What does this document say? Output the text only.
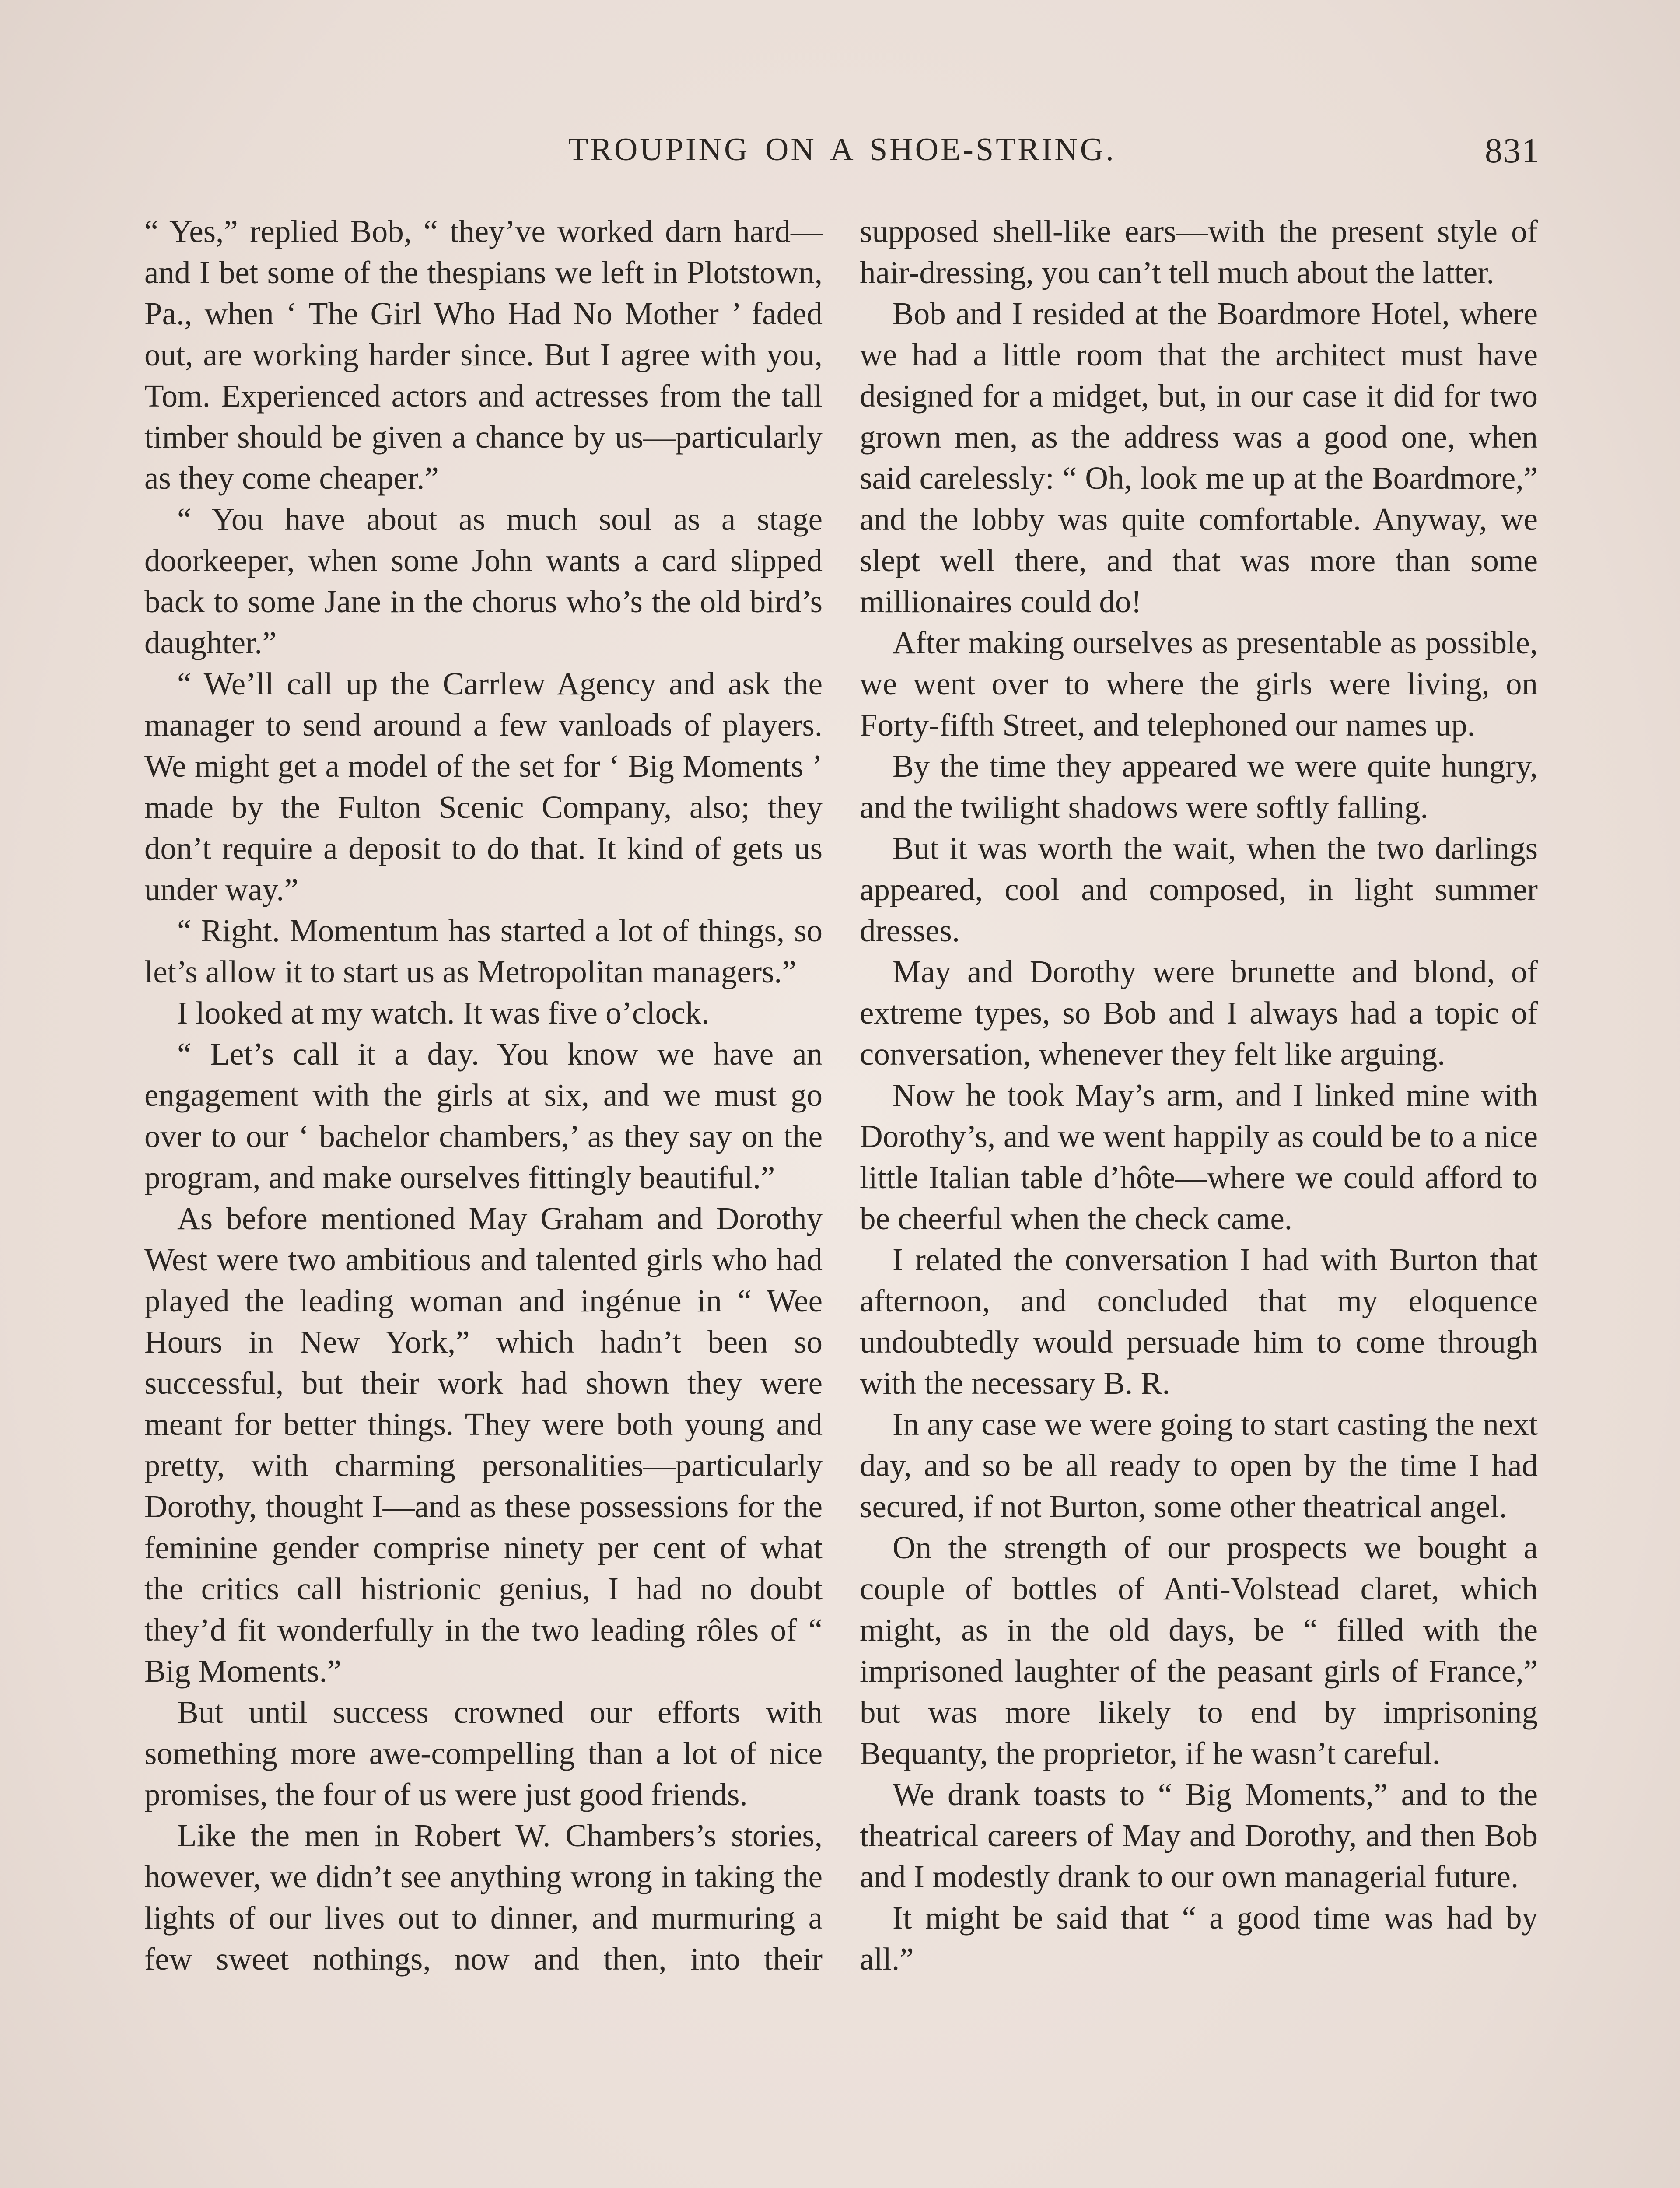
TROUPING ON A SHOE-STRING.	831

“ Yes,” replied Bob, “ they’ve worked darn hard—and I bet some of the thespians we left in Plotstown, Pa., when ‘ The Girl Who Had No Mother ’ faded out, are working harder since. But I agree with you, Tom. Experienced actors and actresses from the tall timber should be given a chance by us—particularly as they come cheaper.”

“ You have about as much soul as a stage doorkeeper, when some John wants a card slipped back to some Jane in the chorus who’s the old bird’s daughter.”

“ We’ll call up the Carrlew Agency and ask the manager to send around a few vanloads of players. We might get a model of the set for ‘ Big Moments ’ made by the Fulton Scenic Company, also; they don’t require a deposit to do that. It kind of gets us under way.”

“ Right. Momentum has started a lot of things, so let’s allow it to start us as Metropolitan managers.”

I looked at my watch. It was five o’clock.

“ Let’s call it a day. You know we have an engagement with the girls at six, and we must go over to our ‘ bachelor chambers,’ as they say on the program, and make ourselves fittingly beautiful.”

As before mentioned May Graham and Dorothy West were two ambitious and talented girls who had played the leading woman and ingénue in “ Wee Hours in New York,” which hadn’t been so successful, but their work had shown they were meant for better things. They were both young and pretty, with charming personalities—particularly Dorothy, thought I—and as these possessions for the feminine gender comprise ninety per cent of what the critics call histrionic genius, I had no doubt they’d fit wonderfully in the two leading rôles of “ Big Moments.”

But until success crowned our efforts with something more awe-compelling than a lot of nice promises, the four of us were just good friends.

Like the men in Robert W. Chambers’s stories, however, we didn’t see anything wrong in taking the lights of our lives out to dinner, and murmuring a few sweet nothings, now and then, into their

supposed shell-like ears—with the present style of hair-dressing, you can’t tell much about the latter.

Bob and I resided at the Boardmore Hotel, where we had a little room that the architect must have designed for a midget, but, in our case it did for two grown men, as the address was a good one, when said carelessly: “ Oh, look me up at the Boardmore,” and the lobby was quite comfortable. Anyway, we slept well there, and that was more than some millionaires could do!

After making ourselves as presentable as possible, we went over to where the girls were living, on Forty-fifth Street, and telephoned our names up.

By the time they appeared we were quite hungry, and the twilight shadows were softly falling.

But it was worth the wait, when the two darlings appeared, cool and composed, in light summer dresses.

May and Dorothy were brunette and blond, of extreme types, so Bob and I always had a topic of conversation, whenever they felt like arguing.

Now he took May’s arm, and I linked mine with Dorothy’s, and we went happily as could be to a nice little Italian table d’hôte—where we could afford to be cheerful when the check came.

I related the conversation I had with Burton that afternoon, and concluded that my eloquence undoubtedly would persuade him to come through with the necessary B. R.

In any case we were going to start casting the next day, and so be all ready to open by the time I had secured, if not Burton, some other theatrical angel.

On the strength of our prospects we bought a couple of bottles of Anti-Volstead claret, which might, as in the old days, be “ filled with the imprisoned laughter of the peasant girls of France,” but was more likely to end by imprisoning Bequanty, the proprietor, if he wasn’t careful.

We drank toasts to “ Big Moments,” and to the theatrical careers of May and Dorothy, and then Bob and I modestly drank to our own managerial future.

It might be said that “ a good time was had by all.”
